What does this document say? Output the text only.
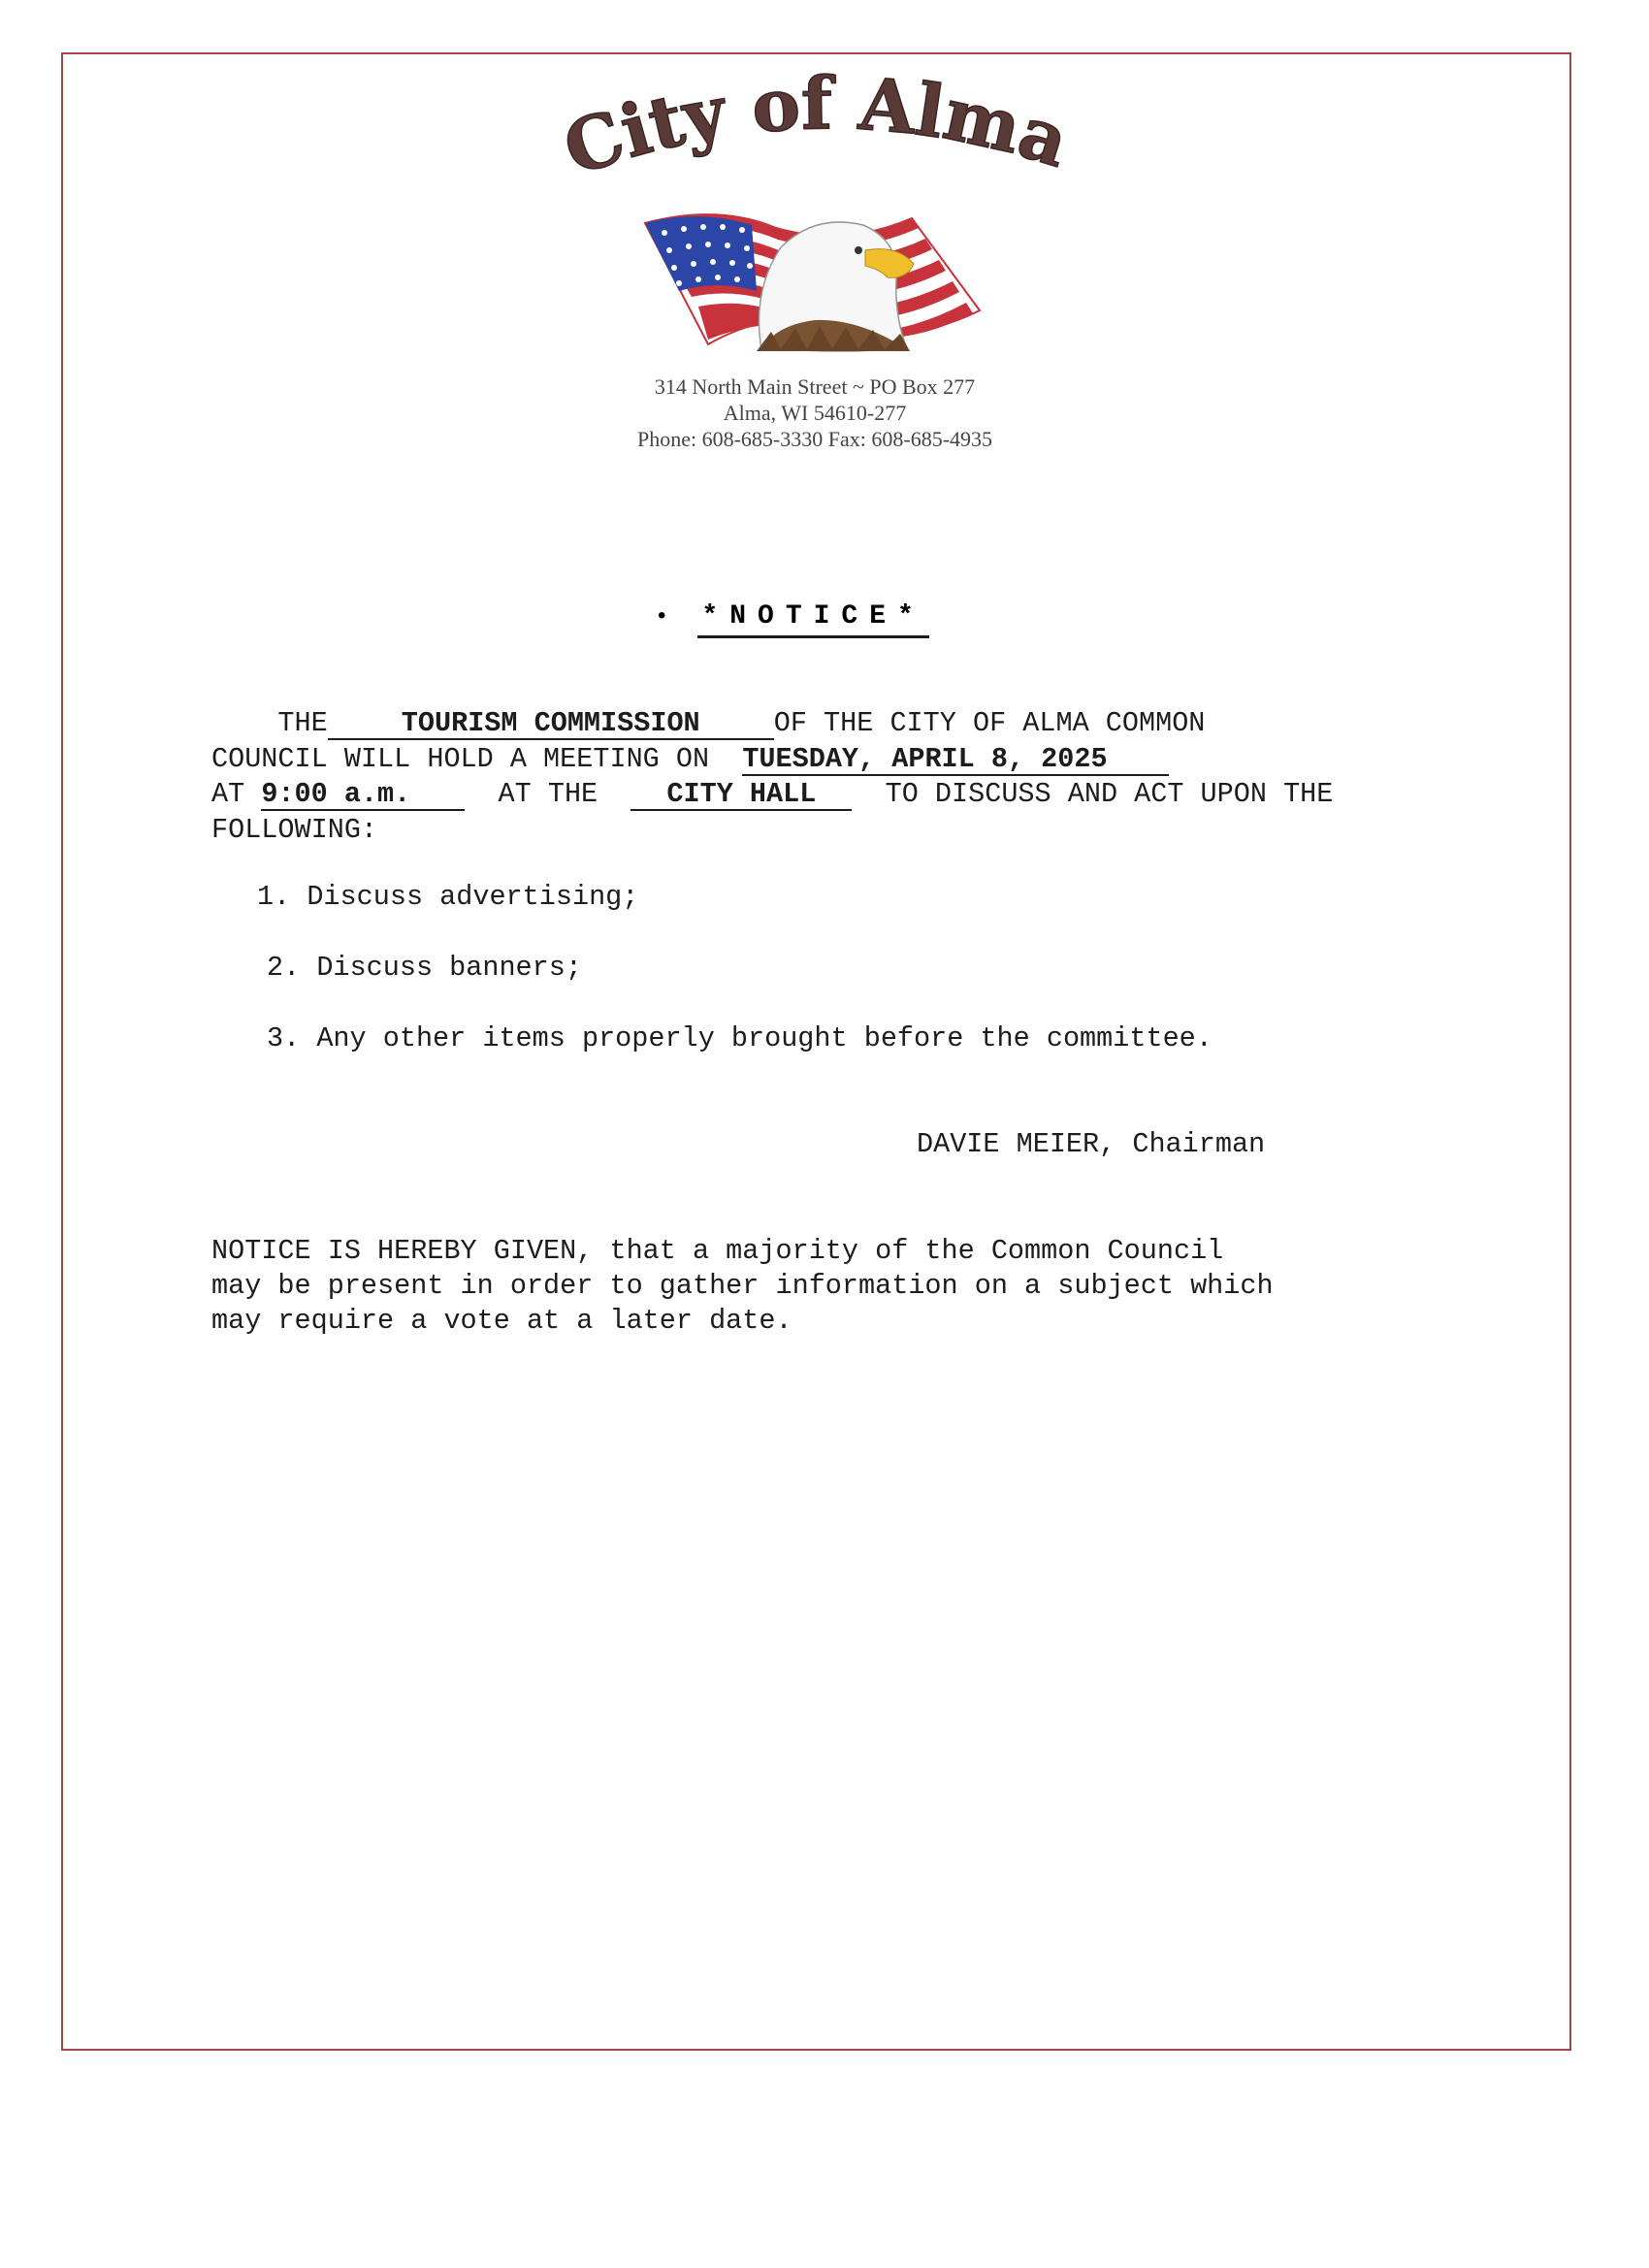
City of Alma
314 North Main Street ~ PO Box 277
Alma, WI 54610-277
Phone: 608-685-3330 Fax: 608-685-4935
• *NOTICE*
THE	TOURISM COMMISSION	OF THE CITY OF ALMA COMMON
COUNCIL WILL HOLD A MEETING ON TUESDAY, APRIL 8, 2025
AT 9:00 a.m.	AT THE	CITY HALL	TO DISCUSS AND ACT UPON THE
FOLLOWING:
1. Discuss advertising;
2. Discuss banners;
3. Any other items properly brought before the committee.
DAVIE MEIER, Chairman
NOTICE IS HEREBY GIVEN, that a majority of the Common Council
may be present in order to gather information on a subject which
may require a vote at a later date.
